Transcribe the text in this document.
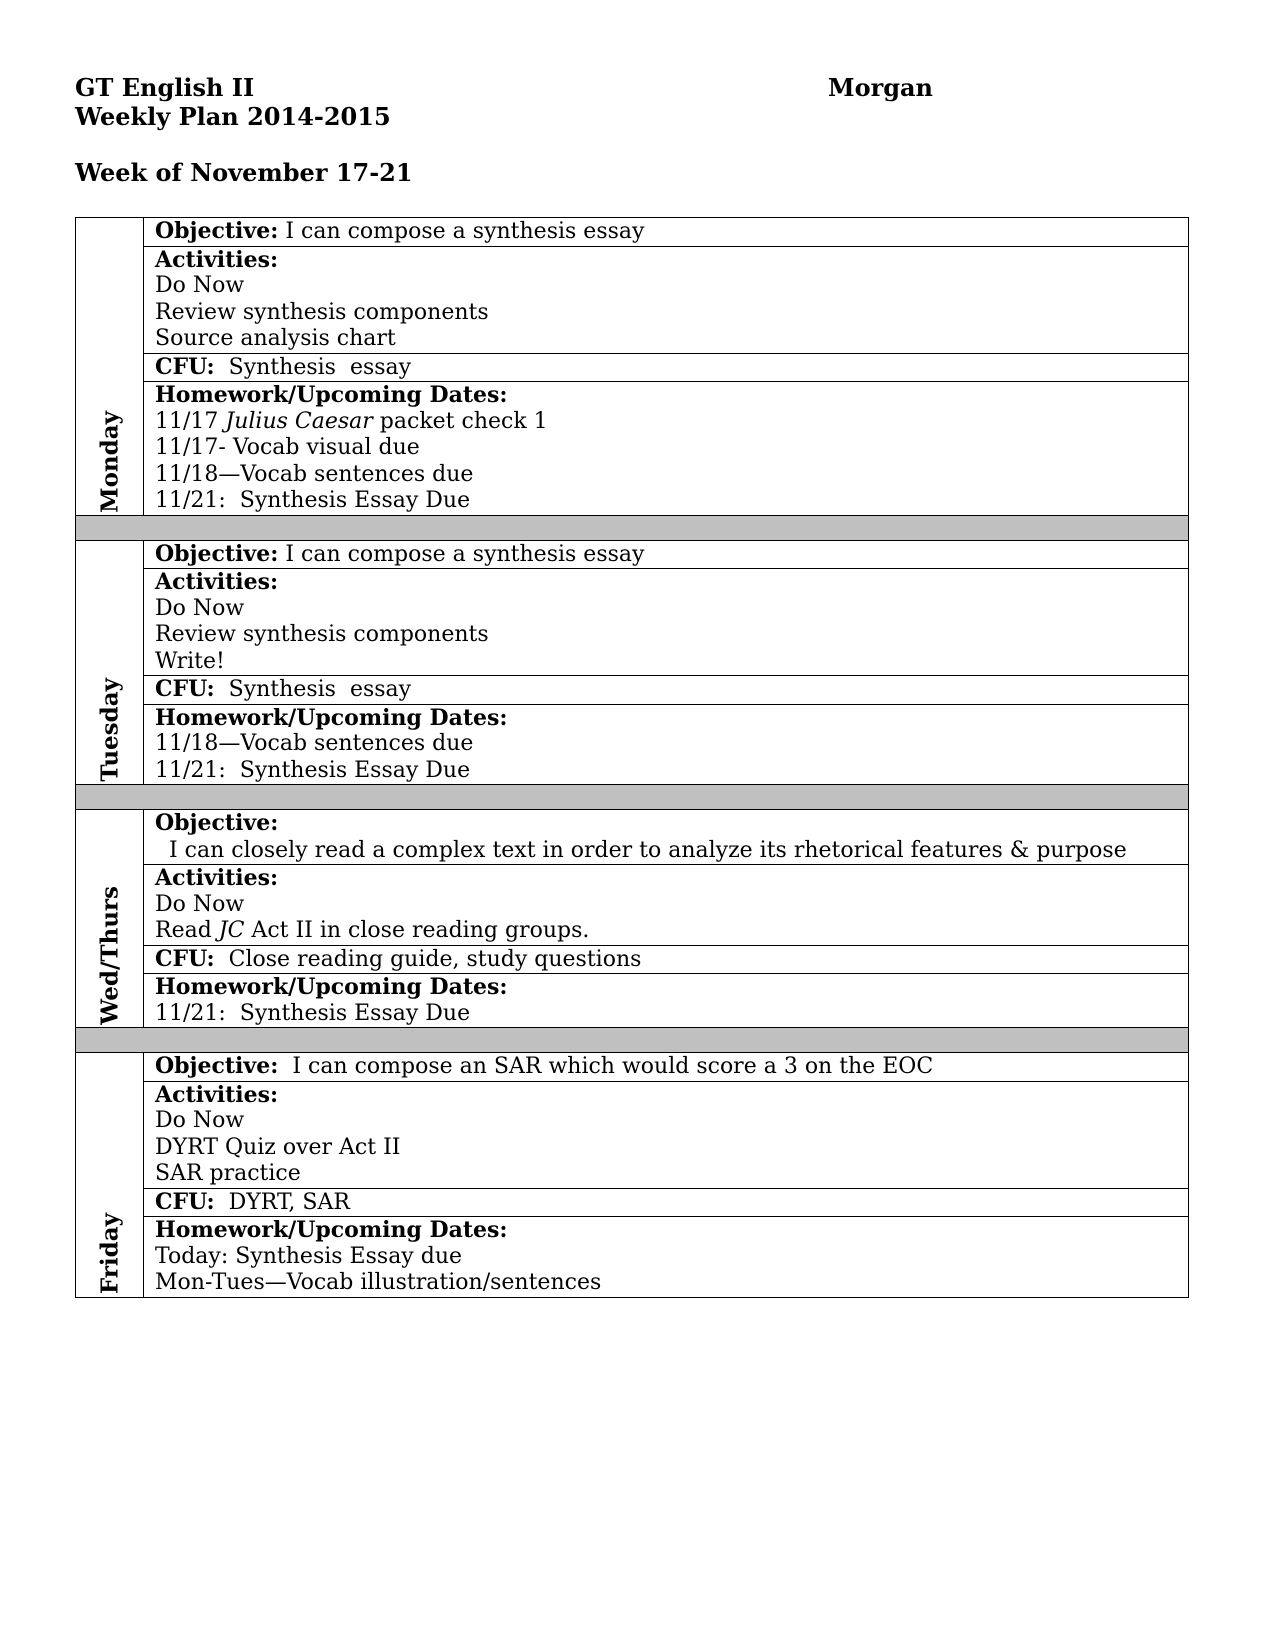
GT English II	Morgan
Weekly Plan 2014-2015
Week of November 17-21
Monday	Objective: I can compose a synthesis essay

	Activities:
Do Now
Review synthesis components
Source analysis chart

	CFU:  Synthesis  essay

	Homework/Upcoming Dates:
11/17 Julius Caesar packet check 1
11/17- Vocab visual due
11/18—Vocab sentences due
11/21:  Synthesis Essay Due

Tuesday	Objective: I can compose a synthesis essay

	Activities:
Do Now
Review synthesis components
Write!

	CFU:  Synthesis  essay

	Homework/Upcoming Dates:
11/18—Vocab sentences due
11/21:  Synthesis Essay Due

Wed/Thurs	Objective:  I can closely read a complex text in order to analyze its rhetorical features & purpose

	Activities:
Do Now
Read JC Act II in close reading groups.

	CFU:  Close reading guide, study questions

	Homework/Upcoming Dates:
11/21:  Synthesis Essay Due

Friday	Objective:  I can compose an SAR which would score a 3 on the EOC

	Activities:
Do Now
DYRT Quiz over Act II
SAR practice

	CFU:  DYRT, SAR

	Homework/Upcoming Dates:
Today: Synthesis Essay due
Mon-Tues—Vocab illustration/sentences
